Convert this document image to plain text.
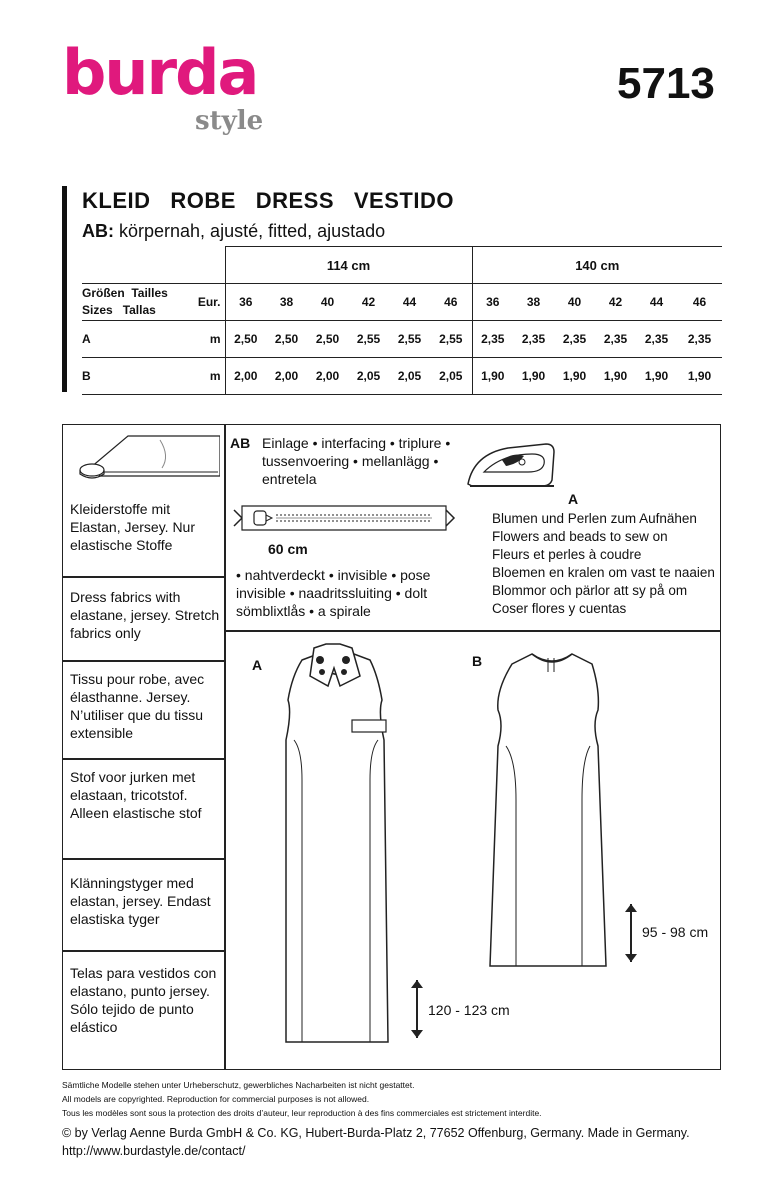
burda
style
5713
KLEID   ROBE   DRESS   VESTIDO
AB: körpernah, ajusté, fitted, ajustado
		114 cm						140 cm					

Größen  Tailles
Sizes   Tallas	Eur.	36	38	40	42	44	46	36	38	40	42	44	46
A	m	2,50	2,50	2,50	2,55	2,55	2,55	2,35	2,35	2,35	2,35	2,35	2,35
B	m	2,00	2,00	2,00	2,05	2,05	2,05	1,90	1,90	1,90	1,90	1,90	1,90
Kleiderstoffe mit Elastan, Jersey. Nur elastische Stoffe
Dress fabrics with elastane, jersey. Stretch fabrics only
Tissu pour robe, avec élasthanne. Jersey. N’utiliser que du tissu extensible
Stof voor jurken met elastaan, tricotstof. Alleen elastische stof
Klänningstyger med elastan, jersey. Endast elastiska tyger
Telas para vestidos con elastano, punto jersey. Sólo tejido de punto elástico
AB Einlage • interfacing • triplure •
tussenvoering • mellanlägg •
entretela
60 cm
• nahtverdeckt • invisible • pose
invisible • naadritssluiting • dolt
sömblixtlås • a spirale
A
Blumen und Perlen zum Aufnähen
Flowers and beads to sew on
Fleurs et perles à coudre
Bloemen en kralen om vast te naaien
Blommor och pärlor att sy på om
Coser flores y cuentas
A	B
120 - 123 cm
95 - 98 cm
Sämtliche Modelle stehen unter Urheberschutz, gewerbliches Nacharbeiten ist nicht gestattet.
All models are copyrighted. Reproduction for commercial purposes is not allowed.
Tous les modèles sont sous la protection des droits d’auteur, leur reproduction à des fins commerciales est strictement interdite.
© by Verlag Aenne Burda GmbH & Co. KG, Hubert-Burda-Platz 2, 77652 Offenburg, Germany. Made in Germany.
http://www.burdastyle.de/contact/
